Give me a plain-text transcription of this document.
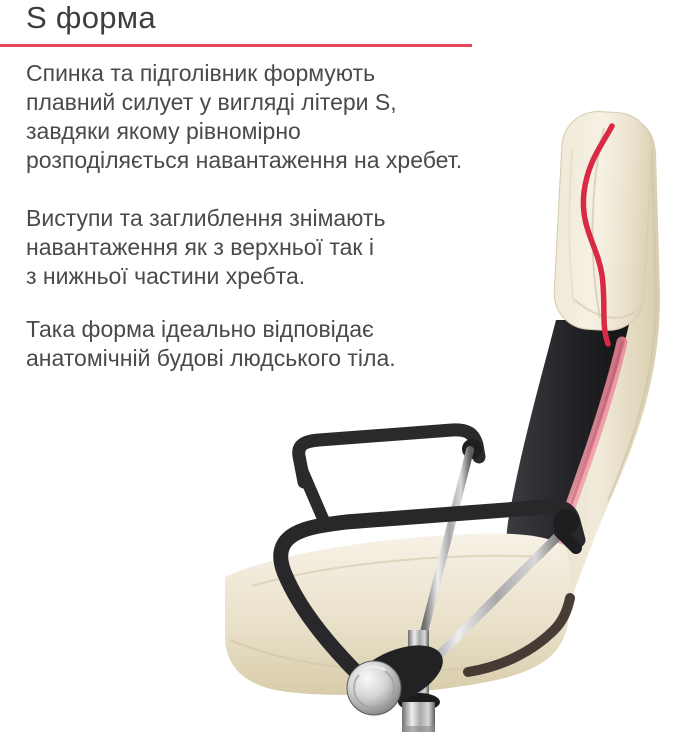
S форма
Спинка та підголівник формують
плавний силует у вигляді літери S,
завдяки якому рівномірно
розподіляється навантаження на хребет.
Виступи та заглиблення знімають
навантаження як з верхньої так і
з нижньої частини хребта.
Така форма ідеально відповідає
анатомічній будові людського тіла.
